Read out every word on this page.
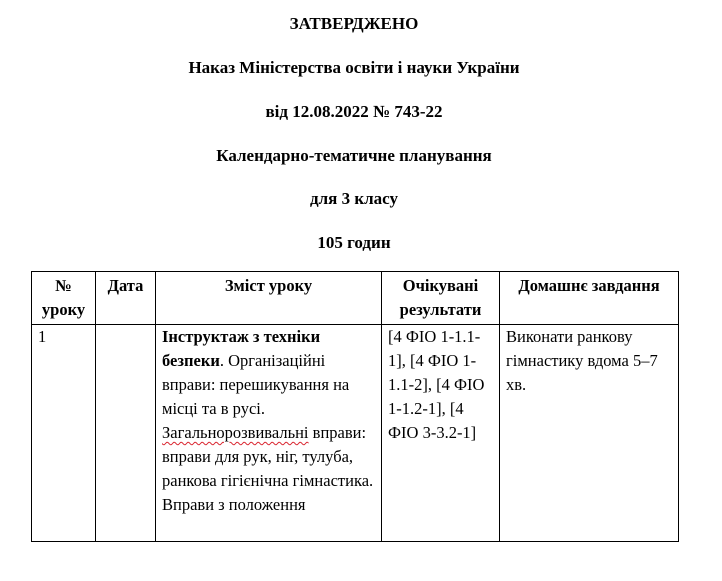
ЗАТВЕРДЖЕНО
Наказ Міністерства освіти і науки України
від 12.08.2022 № 743-22
Календарно-тематичне планування
для 3 класу
105 годин
№ уроку	Дата	Зміст уроку	Очікувані результати	Домашнє завдання
1		Інструктаж з техніки безпеки. Організаційні вправи: перешикування на місці та в русі. Загальнорозвивальні вправи: вправи для рук, ніг, тулуба, ранкова гігієнічна гімнастика. Вправи з положення	[4 ФІО 1-1.1-1], [4 ФІО 1-1.1-2], [4 ФІО 1-1.2-1], [4 ФІО 3-3.2-1]	Виконати ранкову гімнастику вдома 5–7 хв.
